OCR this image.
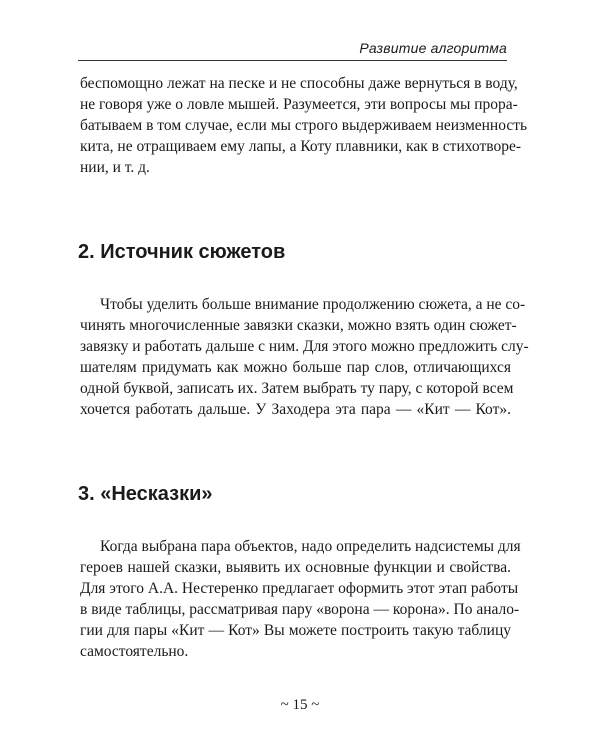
Развитие алгоритма
беспомощно лежат на песке и не способны даже вернуться в воду,
не говоря уже о ловле мышей. Разумеется, эти вопросы мы прора-
батываем в том случае, если мы строго выдерживаем неизменность
кита, не отращиваем ему лапы, а Коту плавники, как в стихотворе-
нии, и т. д.
2. Источник сюжетов
Чтобы уделить больше внимание продолжению сюжета, а не со-
чинять многочисленные завязки сказки, можно взять один сюжет-
завязку и работать дальше с ним. Для этого можно предложить слу-
шателям придумать как можно больше пар слов, отличающихся
одной буквой, записать их. Затем выбрать ту пару, с которой всем
хочется работать дальше. У Заходера эта пара — «Кит — Кот».
3. «Несказки»
Когда выбрана пара объектов, надо определить надсистемы для
героев нашей сказки, выявить их основные функции и свойства.
Для этого А.А. Нестеренко предлагает оформить этот этап работы
в виде таблицы, рассматривая пару «ворона — корона». По анало-
гии для пары «Кит — Кот» Вы можете построить такую таблицу
самостоятельно.
~ 15 ~
